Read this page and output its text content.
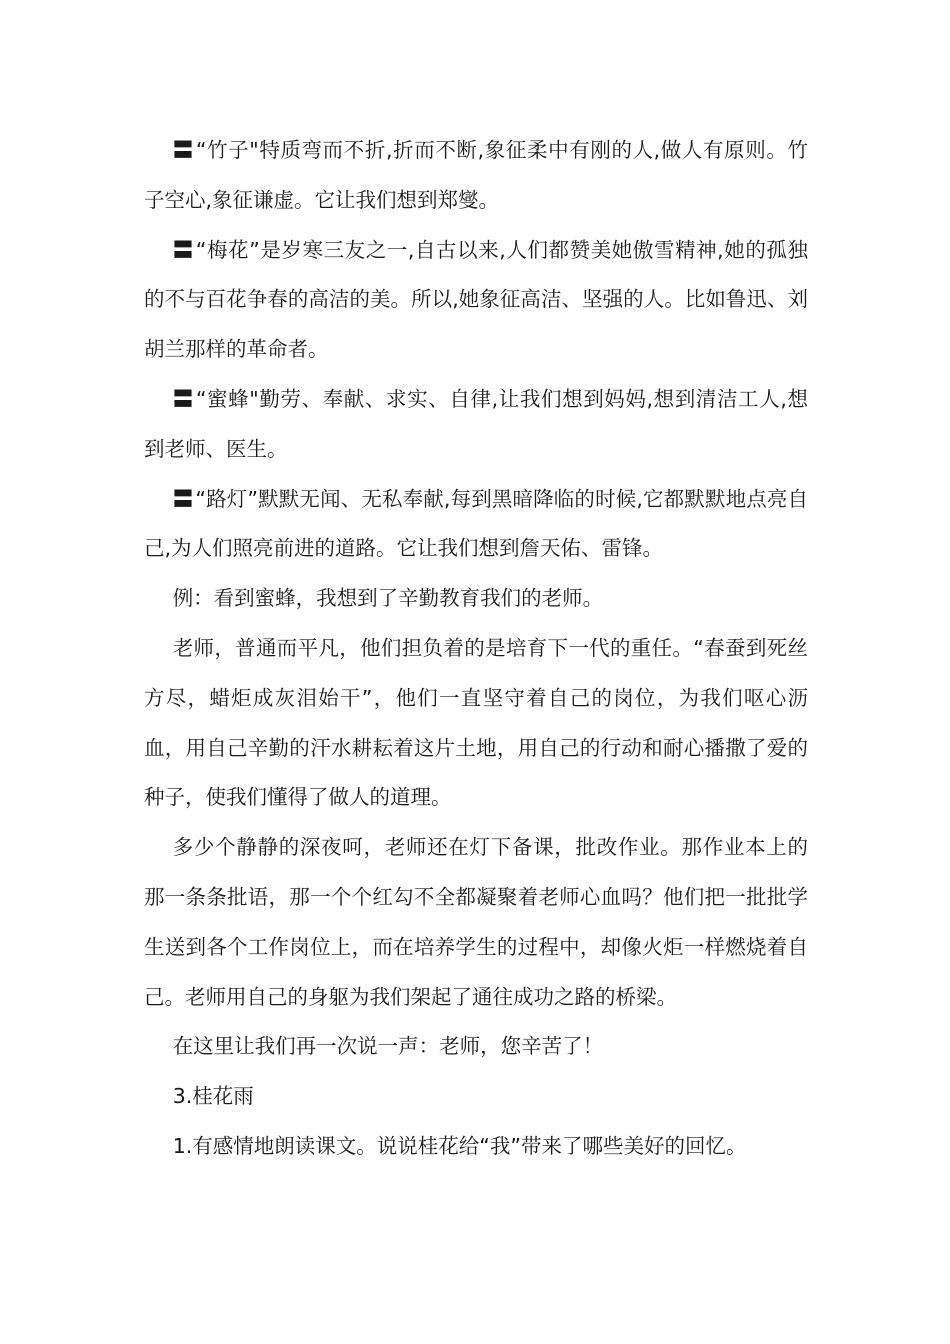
〓“竹子"特质弯而不折,折而不断,象征柔中有刚的人,做人有原则。竹子空心,象征谦虚。它让我们想到郑燮。

〓“梅花”是岁寒三友之一,自古以来,人们都赞美她傲雪精神,她的孤独的不与百花争春的高洁的美。所以,她象征高洁、坚强的人。比如鲁迅、刘胡兰那样的革命者。

〓“蜜蜂"勤劳、奉献、求实、自律,让我们想到妈妈,想到清洁工人,想到老师、医生。

〓“路灯”默默无闻、无私奉献,每到黑暗降临的时候,它都默默地点亮自己,为人们照亮前进的道路。它让我们想到詹天佑、雷锋。

例：看到蜜蜂，我想到了辛勤教育我们的老师。

老师，普通而平凡，他们担负着的是培育下一代的重任。“春蚕到死丝方尽，蜡炬成灰泪始干”，他们一直坚守着自己的岗位，为我们呕心沥血，用自己辛勤的汗水耕耘着这片土地，用自己的行动和耐心播撒了爱的种子，使我们懂得了做人的道理。

多少个静静的深夜呵，老师还在灯下备课，批改作业。那作业本上的那一条条批语，那一个个红勾不全都凝聚着老师心血吗？他们把一批批学生送到各个工作岗位上，而在培养学生的过程中，却像火炬一样燃烧着自己。老师用自己的身躯为我们架起了通往成功之路的桥梁。

在这里让我们再一次说一声：老师，您辛苦了！

3.桂花雨

1.有感情地朗读课文。说说桂花给“我”带来了哪些美好的回忆。
